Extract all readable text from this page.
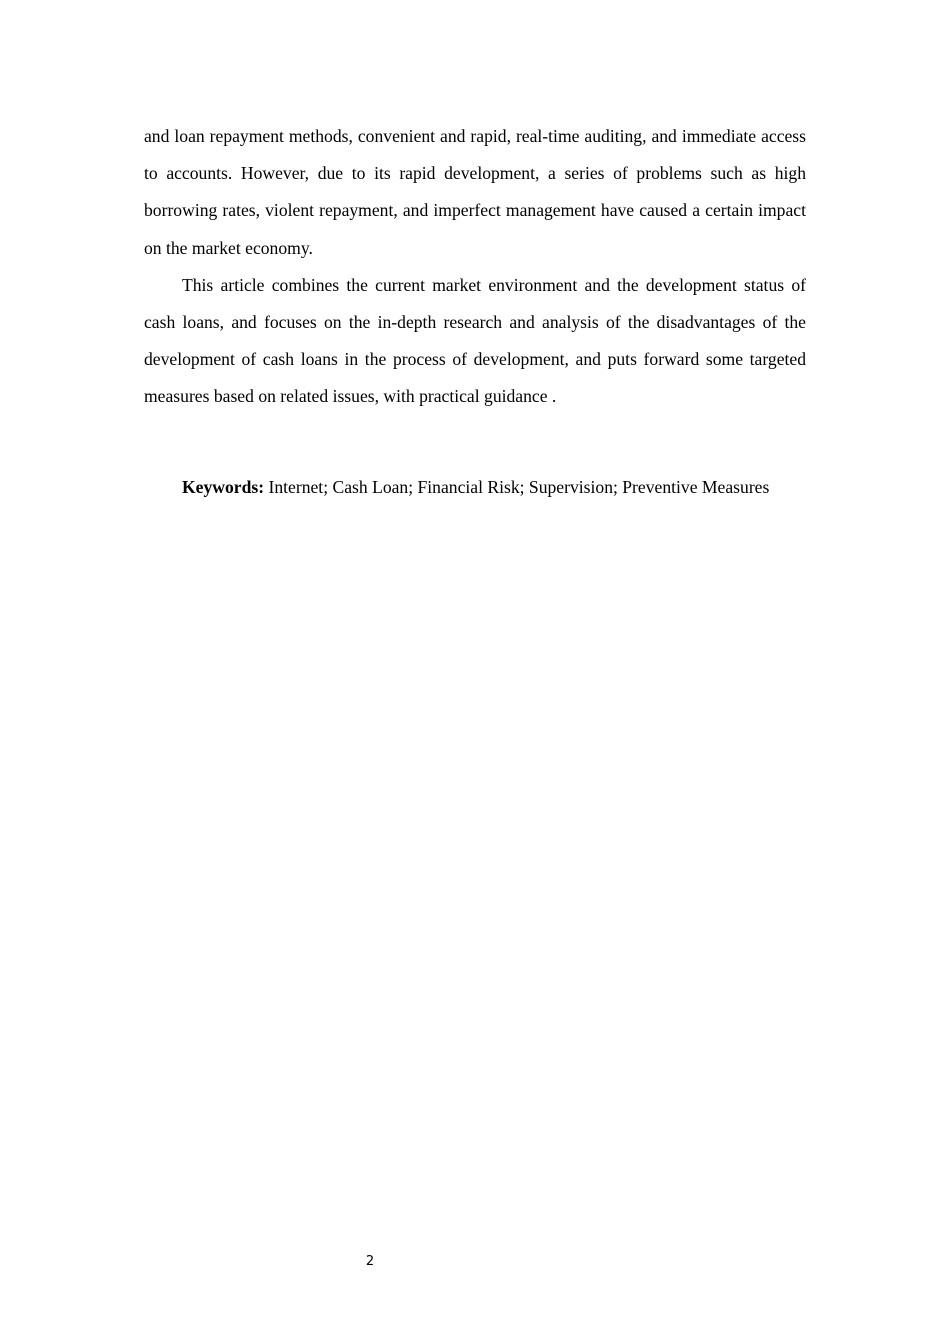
and loan repayment methods, convenient and rapid, real-time auditing, and immediate access to accounts. However, due to its rapid development, a series of problems such as high borrowing rates, violent repayment, and imperfect management have caused a certain impact on the market economy.

This article combines the current market environment and the development status of cash loans, and focuses on the in-depth research and analysis of the disadvantages of the development of cash loans in the process of development, and puts forward some targeted measures based on related issues, with practical guidance .

Keywords: Internet; Cash Loan; Financial Risk; Supervision; Preventive Measures

2
